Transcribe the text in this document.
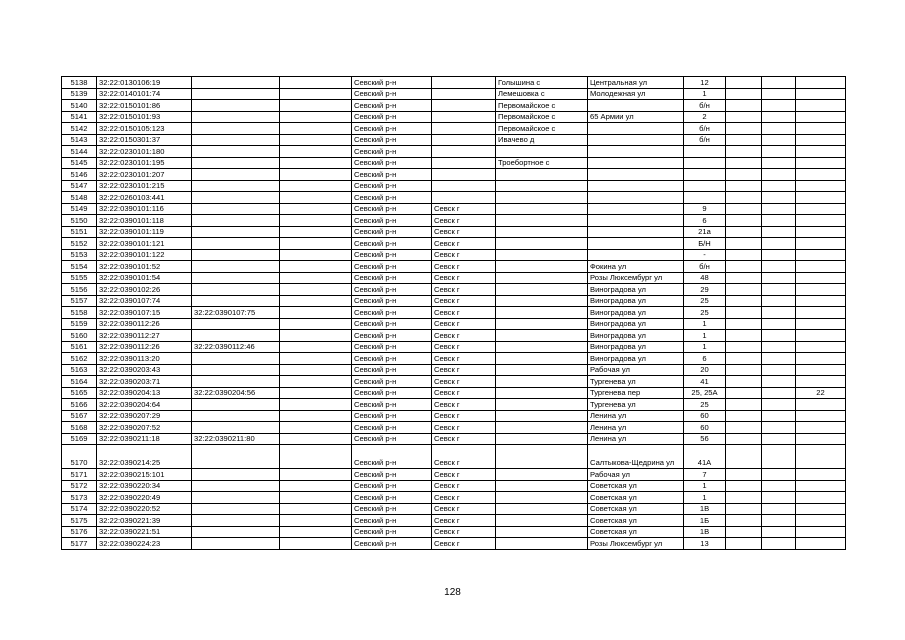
5138	32:22:0130106:19			Севский р-н		Голышина с	Центральная ул	12			
5139	32:22:0140101:74			Севский р-н		Лемешовка с	Молодежная ул	1			
5140	32:22:0150101:86			Севский р-н		Первомайское с		б/н			
5141	32:22:0150101:93			Севский р-н		Первомайское с	65 Армии ул	2			
5142	32:22:0150105:123			Севский р-н		Первомайское с		б/н			
5143	32:22:0150301:37			Севский р-н		Ивачево д		б/н			
5144	32:22:0230101:180			Севский р-н							
5145	32:22:0230101:195			Севский р-н		Троебортное с					
5146	32:22:0230101:207			Севский р-н							
5147	32:22:0230101:215			Севский р-н							
5148	32:22:0260103:441			Севский р-н							
5149	32:22:0390101:116			Севский р-н	Севск г			9			
5150	32:22:0390101:118			Севский р-н	Севск г			6			
5151	32:22:0390101:119			Севский р-н	Севск г			21а			
5152	32:22:0390101:121			Севский р-н	Севск г			Б/Н			
5153	32:22:0390101:122			Севский р-н	Севск г			-			
5154	32:22:0390101:52			Севский р-н	Севск г		Фокина ул	б/н			
5155	32:22:0390101:54			Севский р-н	Севск г		Розы Люксембург ул	48			
5156	32:22:0390102:26			Севский р-н	Севск г		Виноградова ул	29			
5157	32:22:0390107:74			Севский р-н	Севск г		Виноградова ул	25			
5158	32:22:0390107:15	32:22:0390107:75		Севский р-н	Севск г		Виноградова ул	25			
5159	32:22:0390112:26			Севский р-н	Севск г		Виноградова ул	1			
5160	32:22:0390112:27			Севский р-н	Севск г		Виноградова ул	1			
5161	32:22:0390112:26	32:22:0390112:46		Севский р-н	Севск г		Виноградова ул	1			
5162	32:22:0390113:20			Севский р-н	Севск г		Виноградова ул	6			
5163	32:22:0390203:43			Севский р-н	Севск г		Рабочая ул	20			
5164	32:22:0390203:71			Севский р-н	Севск г		Тургенева ул	41			
5165	32:22:0390204:13	32:22:0390204:56		Севский р-н	Севск г		Тургенева пер	25, 25А			22
5166	32:22:0390204:64			Севский р-н	Севск г		Тургенева ул	25			
5167	32:22:0390207:29			Севский р-н	Севск г		Ленина ул	60			
5168	32:22:0390207:52			Севский р-н	Севск г		Ленина ул	60			
5169	32:22:0390211:18	32:22:0390211:80		Севский р-н	Севск г		Ленина ул	56			
5170	32:22:0390214:25			Севский р-н	Севск г		Салтыкова-Щедрина ул	41А			
5171	32:22:0390215:101			Севский р-н	Севск г		Рабочая ул	7			
5172	32:22:0390220:34			Севский р-н	Севск г		Советская ул	1			
5173	32:22:0390220:49			Севский р-н	Севск г		Советская ул	1			
5174	32:22:0390220:52			Севский р-н	Севск г		Советская ул	1В			
5175	32:22:0390221:39			Севский р-н	Севск г		Советская ул	1Б			
5176	32:22:0390221:51			Севский р-н	Севск г		Советская ул	1В			
5177	32:22:0390224:23			Севский р-н	Севск г		Розы Люксембург ул	13			
128
